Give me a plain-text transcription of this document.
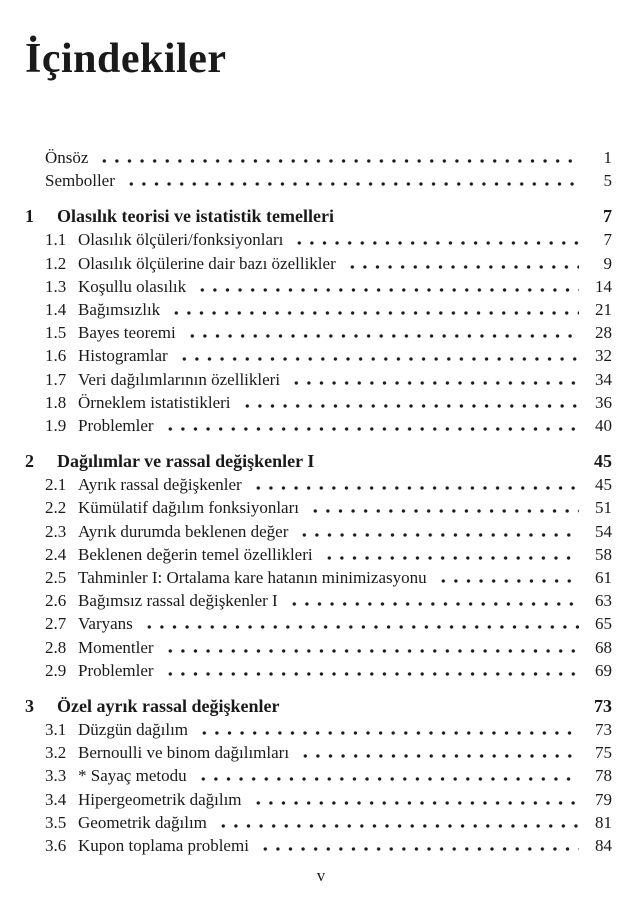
İçindekiler
Önsöz	1
Semboller	5
1	Olasılık teorisi ve istatistik temelleri	7
1.1 Olasılık ölçüleri/fonksiyonları	7
1.2 Olasılık ölçülerine dair bazı özellikler	9
1.3 Koşullu olasılık	14
1.4 Bağımsızlık	21
1.5 Bayes teoremi	28
1.6 Histogramlar	32
1.7 Veri dağılımlarının özellikleri	34
1.8 Örneklem istatistikleri	36
1.9 Problemler	40
2	Dağılımlar ve rassal değişkenler I	45
2.1 Ayrık rassal değişkenler	45
2.2 Kümülatif dağılım fonksiyonları	51
2.3 Ayrık durumda beklenen değer	54
2.4 Beklenen değerin temel özellikleri	58
2.5 Tahminler I: Ortalama kare hatanın minimizasyonu	61
2.6 Bağımsız rassal değişkenler I	63
2.7 Varyans	65
2.8 Momentler	68
2.9 Problemler	69
3	Özel ayrık rassal değişkenler	73
3.1 Düzgün dağılım	73
3.2 Bernoulli ve binom dağılımları	75
3.3 * Sayaç metodu	78
3.4 Hipergeometrik dağılım	79
3.5 Geometrik dağılım	81
3.6 Kupon toplama problemi	84
v
